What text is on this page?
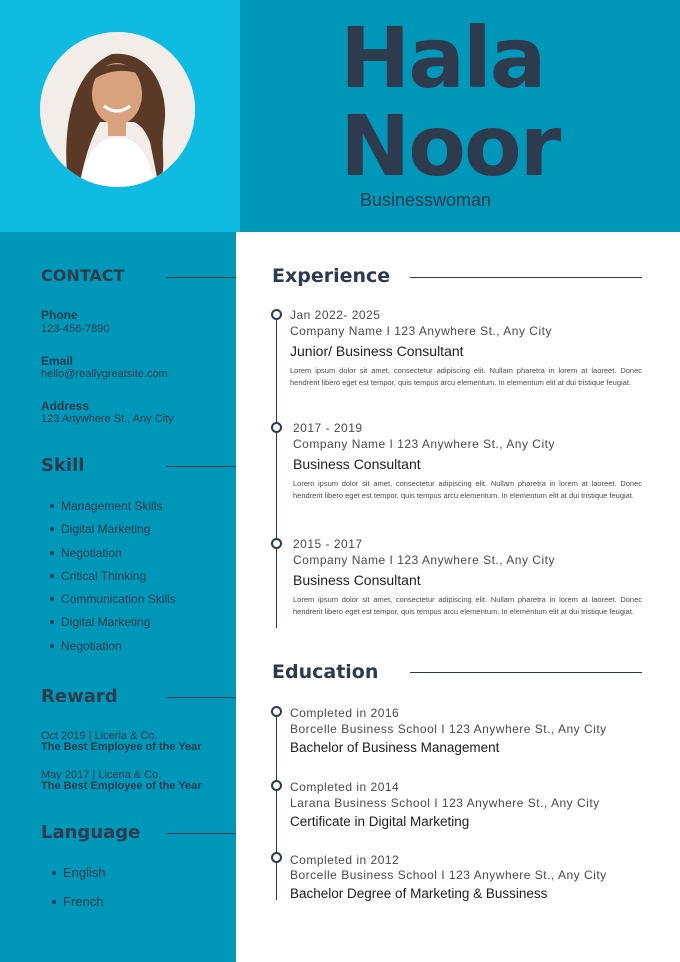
Hala
Noor
Businesswoman
CONTACT
Phone
123-456-7890
Email
hello@reallygreatsite.com
Address
123 Anywhere St., Any City
Skill
Management Skills
Digital Marketing
Negotiation
Critical Thinking
Communication Skills
Digital Marketing
Negotiation
Reward
Oct 2019 | Liceria & Co.
The Best Employee of the Year
May 2017 | Liceria & Co.
The Best Employee of the Year
Language
English
French
Experience
Jan 2022- 2025
Company Name I 123 Anywhere St., Any City
Junior/ Business Consultant
Lorem ipsum dolor sit amet, consectetur adipiscing elit. Nullam pharetra in lorem at laoreet. Donec hendrerit libero eget est tempor, quis tempus arcu elementum. In elementum elit at dui tristique feugiat.
2017 - 2019
Company Name I 123 Anywhere St., Any City
Business Consultant
Lorem ipsum dolor sit amet, consectetur adipiscing elit. Nullam pharetra in lorem at laoreet. Donec hendrerit libero eget est tempor, quis tempus arcu elementum. In elementum elit at dui tristique feugiat.
2015 - 2017
Company Name I 123 Anywhere St., Any City
Business Consultant
Lorem ipsum dolor sit amet, consectetur adipiscing elit. Nullam pharetra in lorem at laoreet. Donec hendrerit libero eget est tempor, quis tempus arcu elementum. In elementum elit at dui tristique feugiat.
Education
Completed in 2016
Borcelle Business School I 123 Anywhere St., Any City
Bachelor of Business Management
Completed in 2014
Larana Business School I 123 Anywhere St., Any City
Certificate in Digital Marketing
Completed in 2012
Borcelle Business School I 123 Anywhere St., Any City
Bachelor Degree of Marketing & Bussiness
